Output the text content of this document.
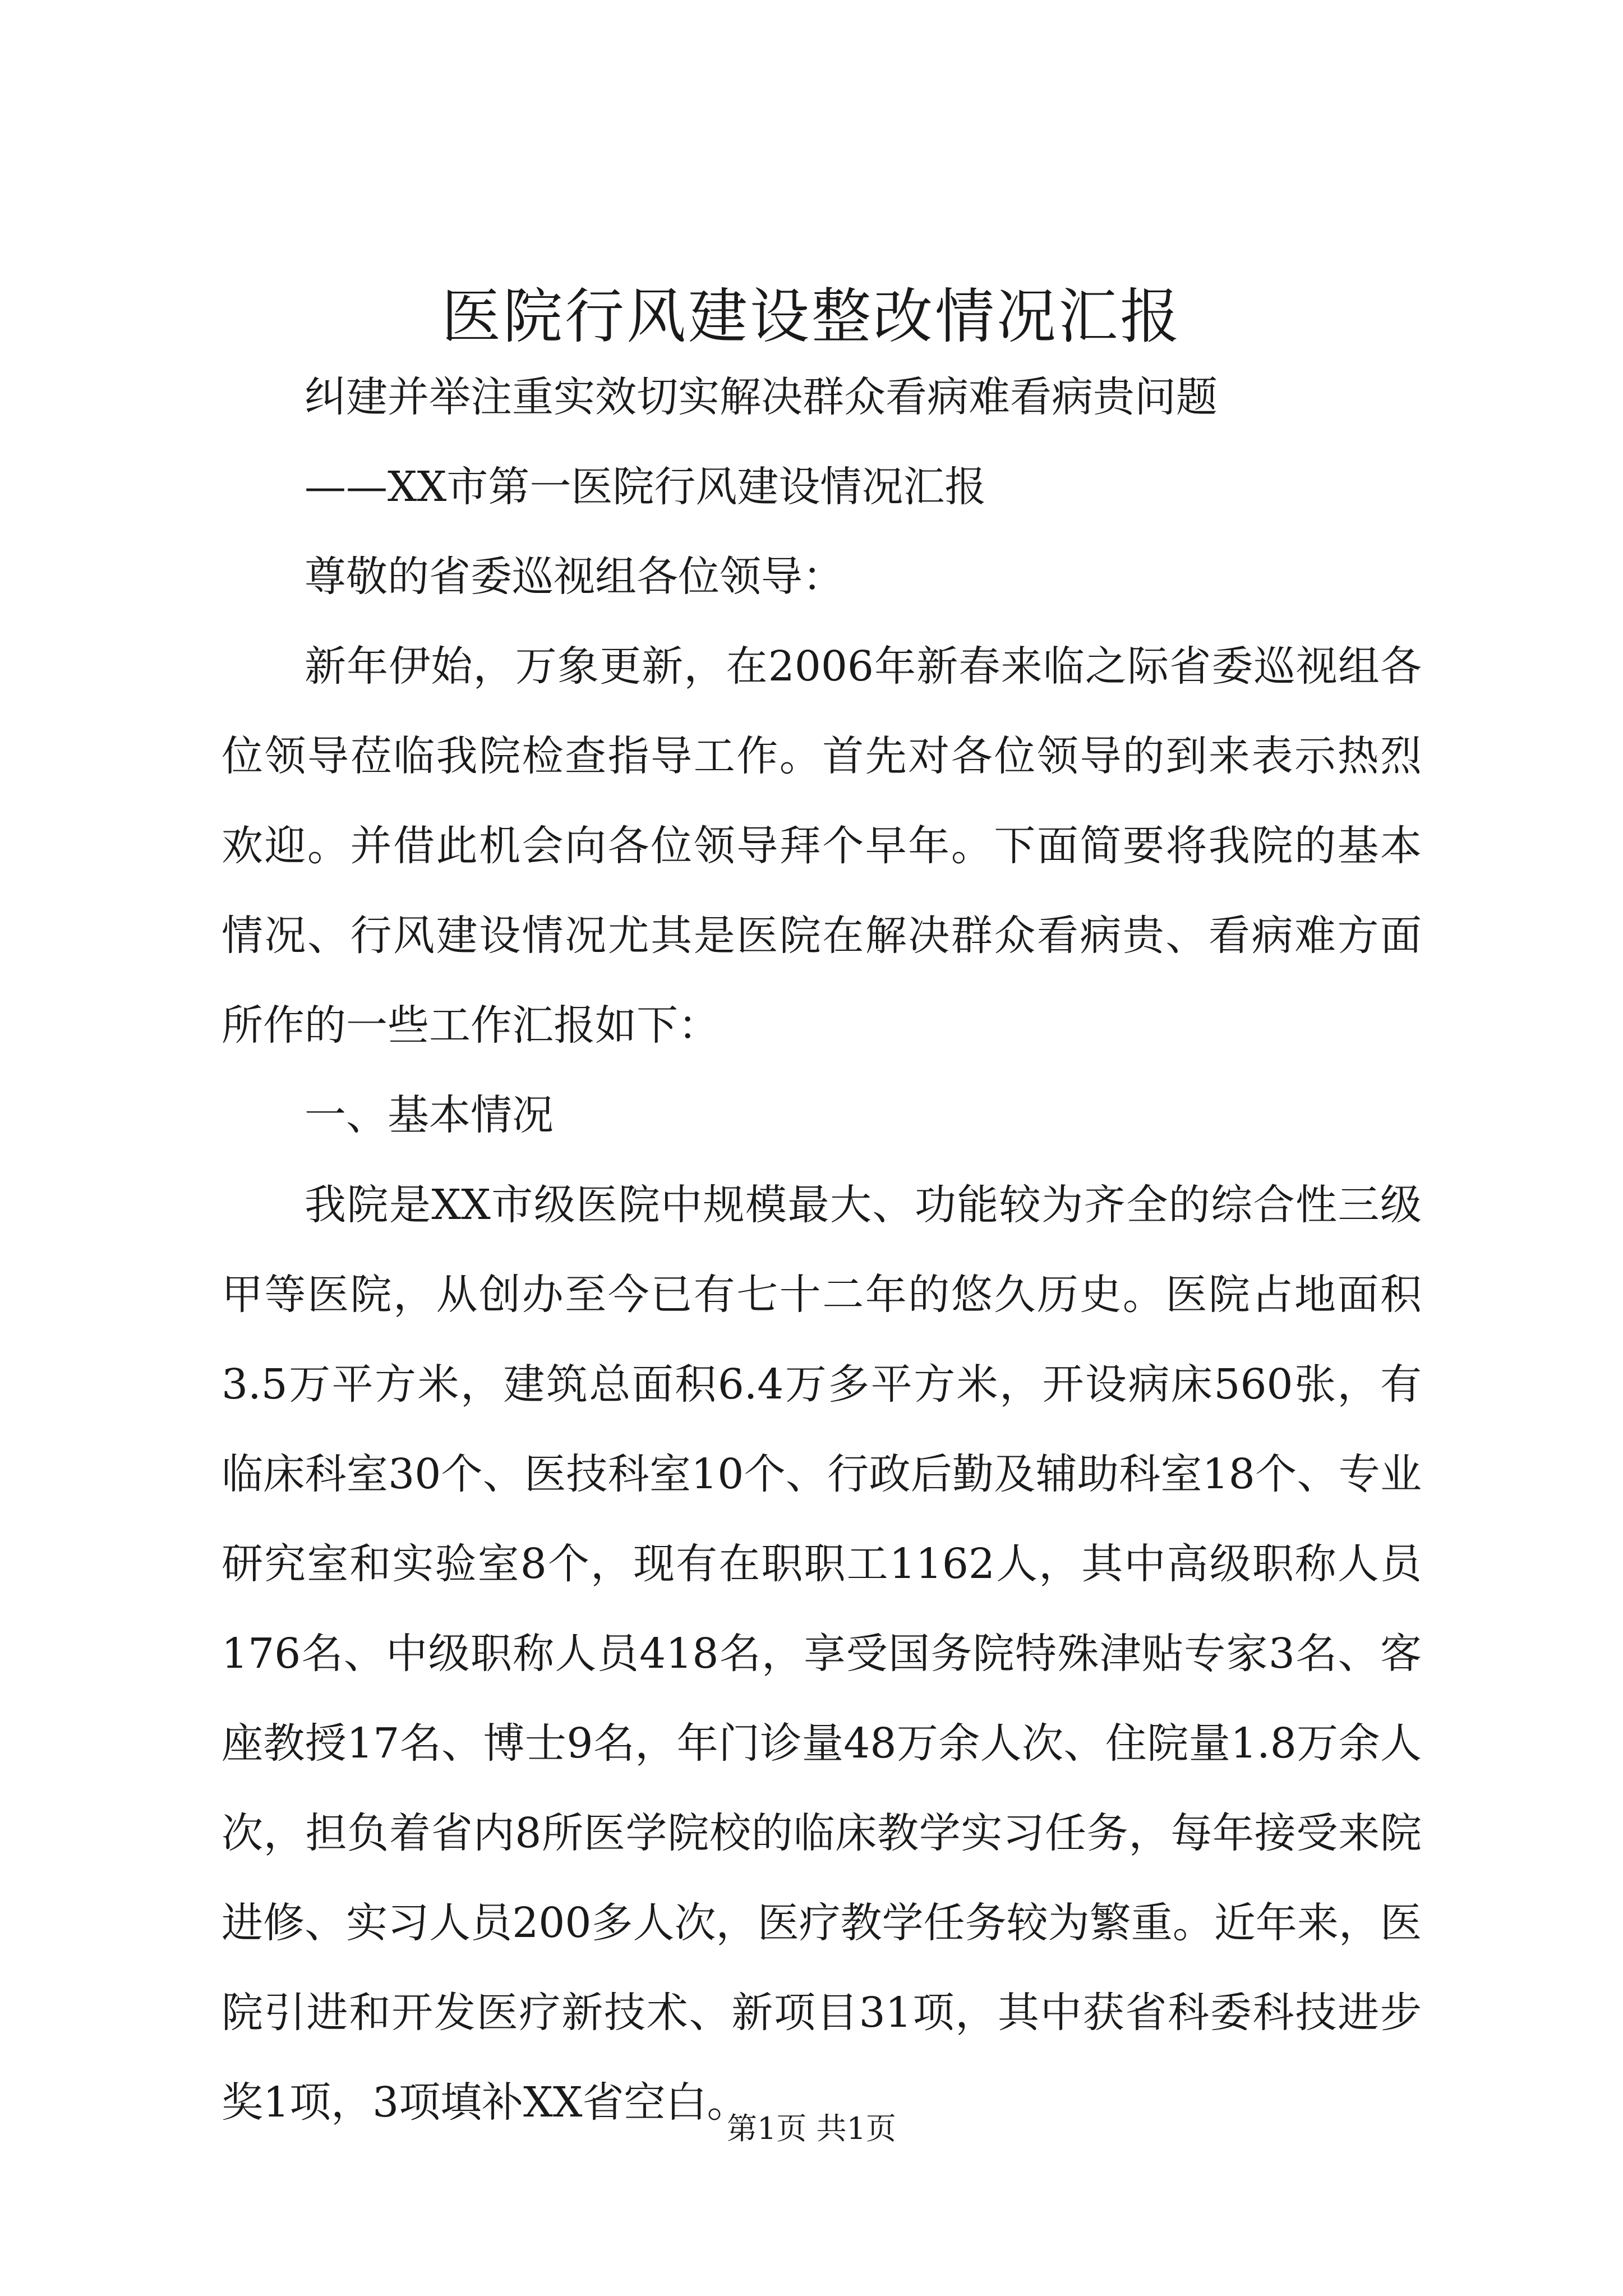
医院行风建设整改情况汇报

纠建并举注重实效切实解决群众看病难看病贵问题

——XX市第一医院行风建设情况汇报

尊敬的省委巡视组各位领导：

新年伊始，万象更新，在2006年新春来临之际省委巡视组各位领导莅临我院检查指导工作。首先对各位领导的到来表示热烈欢迎。并借此机会向各位领导拜个早年。下面简要将我院的基本情况、行风建设情况尤其是医院在解决群众看病贵、看病难方面所作的一些工作汇报如下：

一、基本情况

我院是XX市级医院中规模最大、功能较为齐全的综合性三级甲等医院，从创办至今已有七十二年的悠久历史。医院占地面积3.5万平方米，建筑总面积6.4万多平方米，开设病床560张，有临床科室30个、医技科室10个、行政后勤及辅助科室18个、专业研究室和实验室8个，现有在职职工1162人，其中高级职称人员176名、中级职称人员418名，享受国务院特殊津贴专家3名、客座教授17名、博士9名，年门诊量48万余人次、住院量1.8万余人次，担负着省内8所医学院校的临床教学实习任务，每年接受来院进修、实习人员200多人次，医疗教学任务较为繁重。近年来，医院引进和开发医疗新技术、新项目31项，其中获省科委科技进步奖1项，3项填补XX省空白。

第1页 共1页
